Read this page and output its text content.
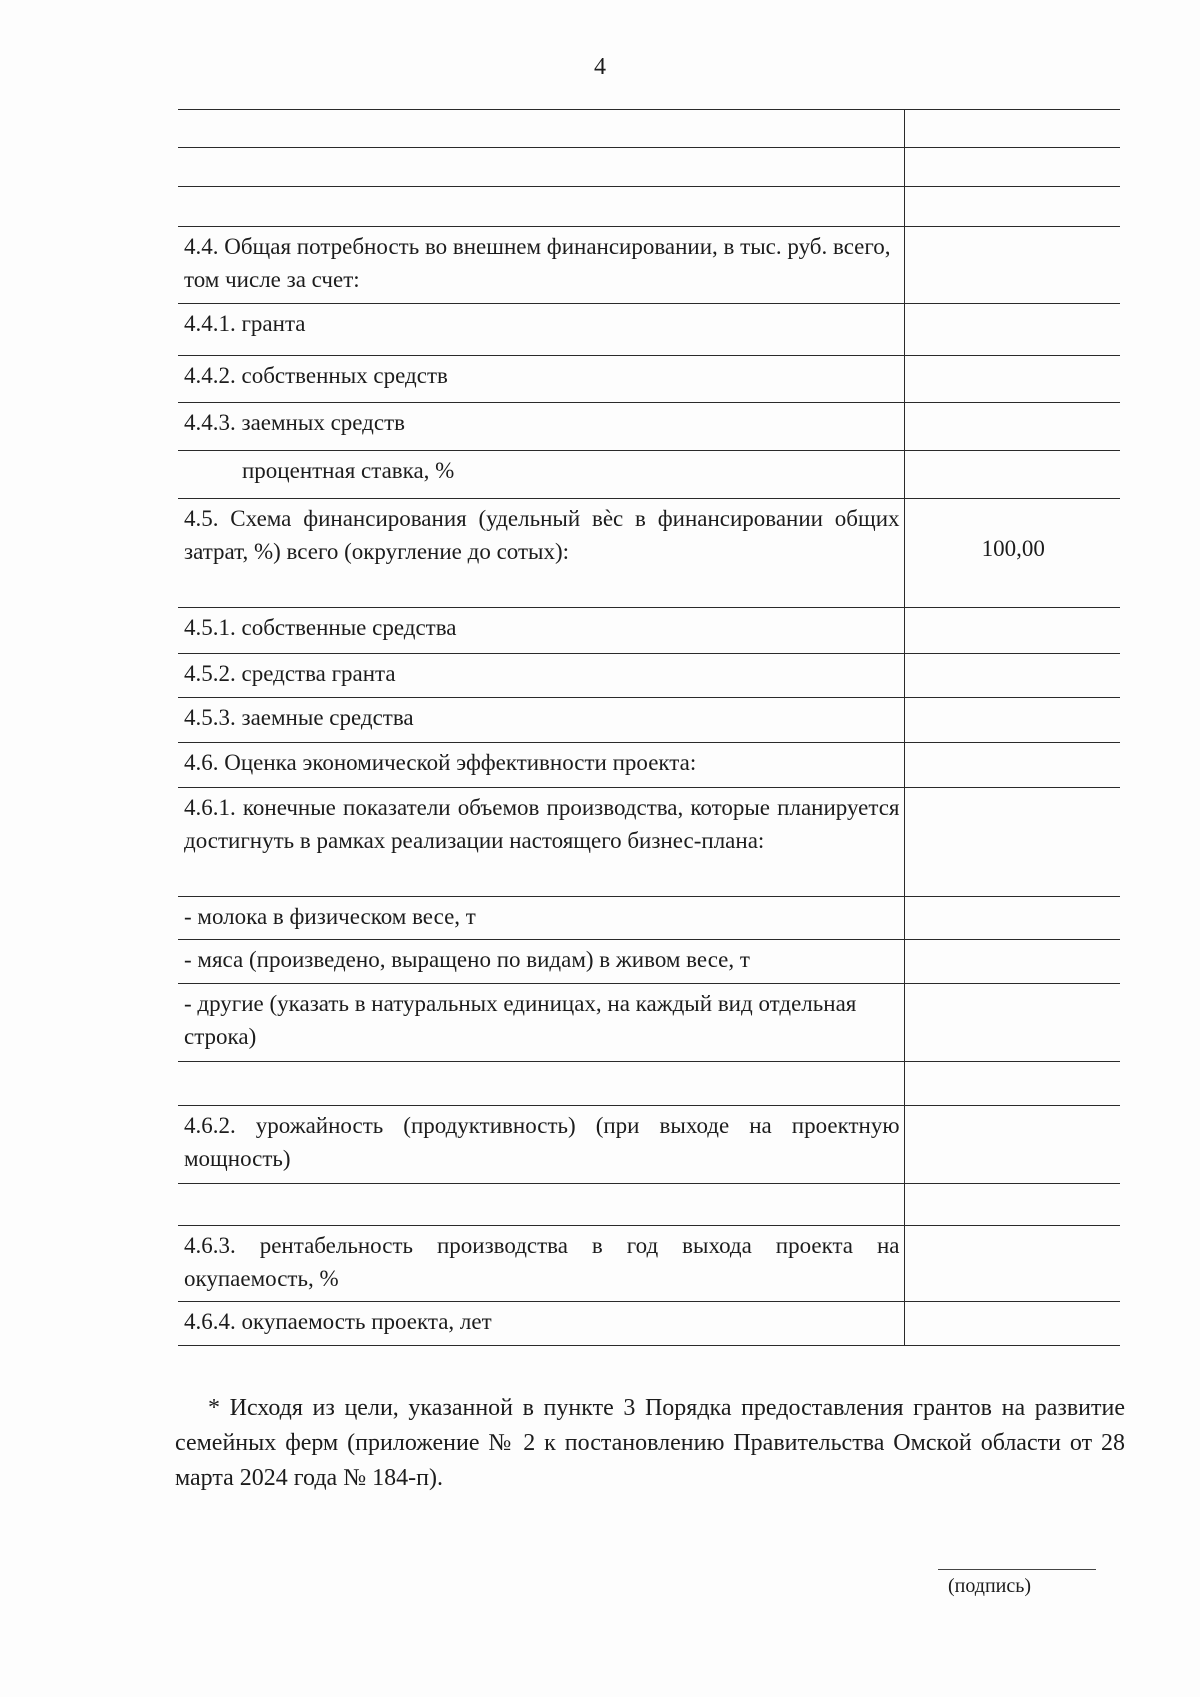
4

4.4. Общая потребность во внешнем финансировании, в тыс. руб. всего, том числе за счет:	
4.4.1. гранта	
4.4.2. собственных средств	
4.4.3. заемных средств	
процентная ставка, %	
4.5. Схема финансирования (удельный вѐс в финансировании общих затрат, %) всего (округление до сотых):	100,00
4.5.1. собственные средства	
4.5.2. средства гранта	
4.5.3. заемные средства	
4.6. Оценка экономической эффективности проекта:	
4.6.1. конечные показатели объемов производства, которые планируется достигнуть в рамках реализации настоящего бизнес-плана:	
- молока в физическом весе, т	
- мяса (произведено, выращено по видам) в живом весе, т	
- другие (указать в натуральных единицах, на каждый вид отдельная строка)	

4.6.2. урожайность (продуктивность) (при выходе на проектную мощность)	

4.6.3. рентабельность производства в год выхода проекта на окупаемость, %	
4.6.4. окупаемость проекта, лет	
* Исходя из цели, указанной в пункте 3 Порядка предоставления грантов на развитие семейных ферм (приложение № 2 к постановлению Правительства Омской области от 28 марта 2024 года № 184-п).
(подпись)
